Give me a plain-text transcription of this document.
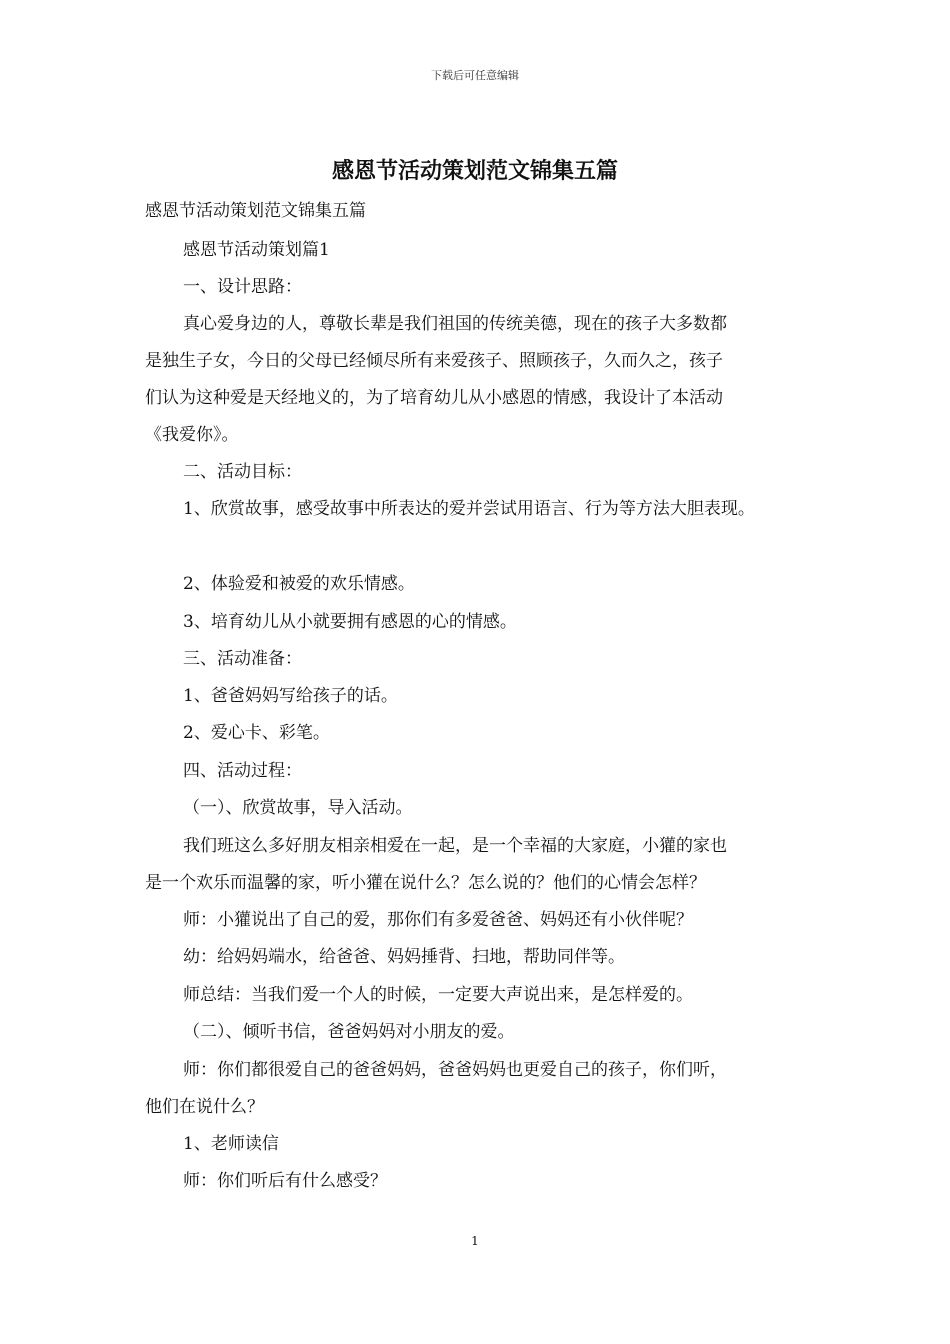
下载后可任意编辑
感恩节活动策划范文锦集五篇
感恩节活动策划范文锦集五篇
感恩节活动策划篇1
一、设计思路：
真心爱身边的人，尊敬长辈是我们祖国的传统美德，现在的孩子大多数都
是独生子女，今日的父母已经倾尽所有来爱孩子、照顾孩子，久而久之，孩子
们认为这种爱是天经地义的，为了培育幼儿从小感恩的情感，我设计了本活动
《我爱你》。
二、活动目标：
1、欣赏故事，感受故事中所表达的爱并尝试用语言、行为等方法大胆表现。
2、体验爱和被爱的欢乐情感。
3、培育幼儿从小就要拥有感恩的心的情感。
三、活动准备：
1、爸爸妈妈写给孩子的话。
2、爱心卡、彩笔。
四、活动过程：
（一）、欣赏故事，导入活动。
我们班这么多好朋友相亲相爱在一起，是一个幸福的大家庭，小獾的家也
是一个欢乐而温馨的家，听小獾在说什么？怎么说的？他们的心情会怎样？
师：小獾说出了自己的爱，那你们有多爱爸爸、妈妈还有小伙伴呢？
幼：给妈妈端水，给爸爸、妈妈捶背、扫地，帮助同伴等。
师总结：当我们爱一个人的时候，一定要大声说出来，是怎样爱的。
（二）、倾听书信，爸爸妈妈对小朋友的爱。
师：你们都很爱自己的爸爸妈妈，爸爸妈妈也更爱自己的孩子，你们听，
他们在说什么？
1、老师读信
师：你们听后有什么感受？
1
